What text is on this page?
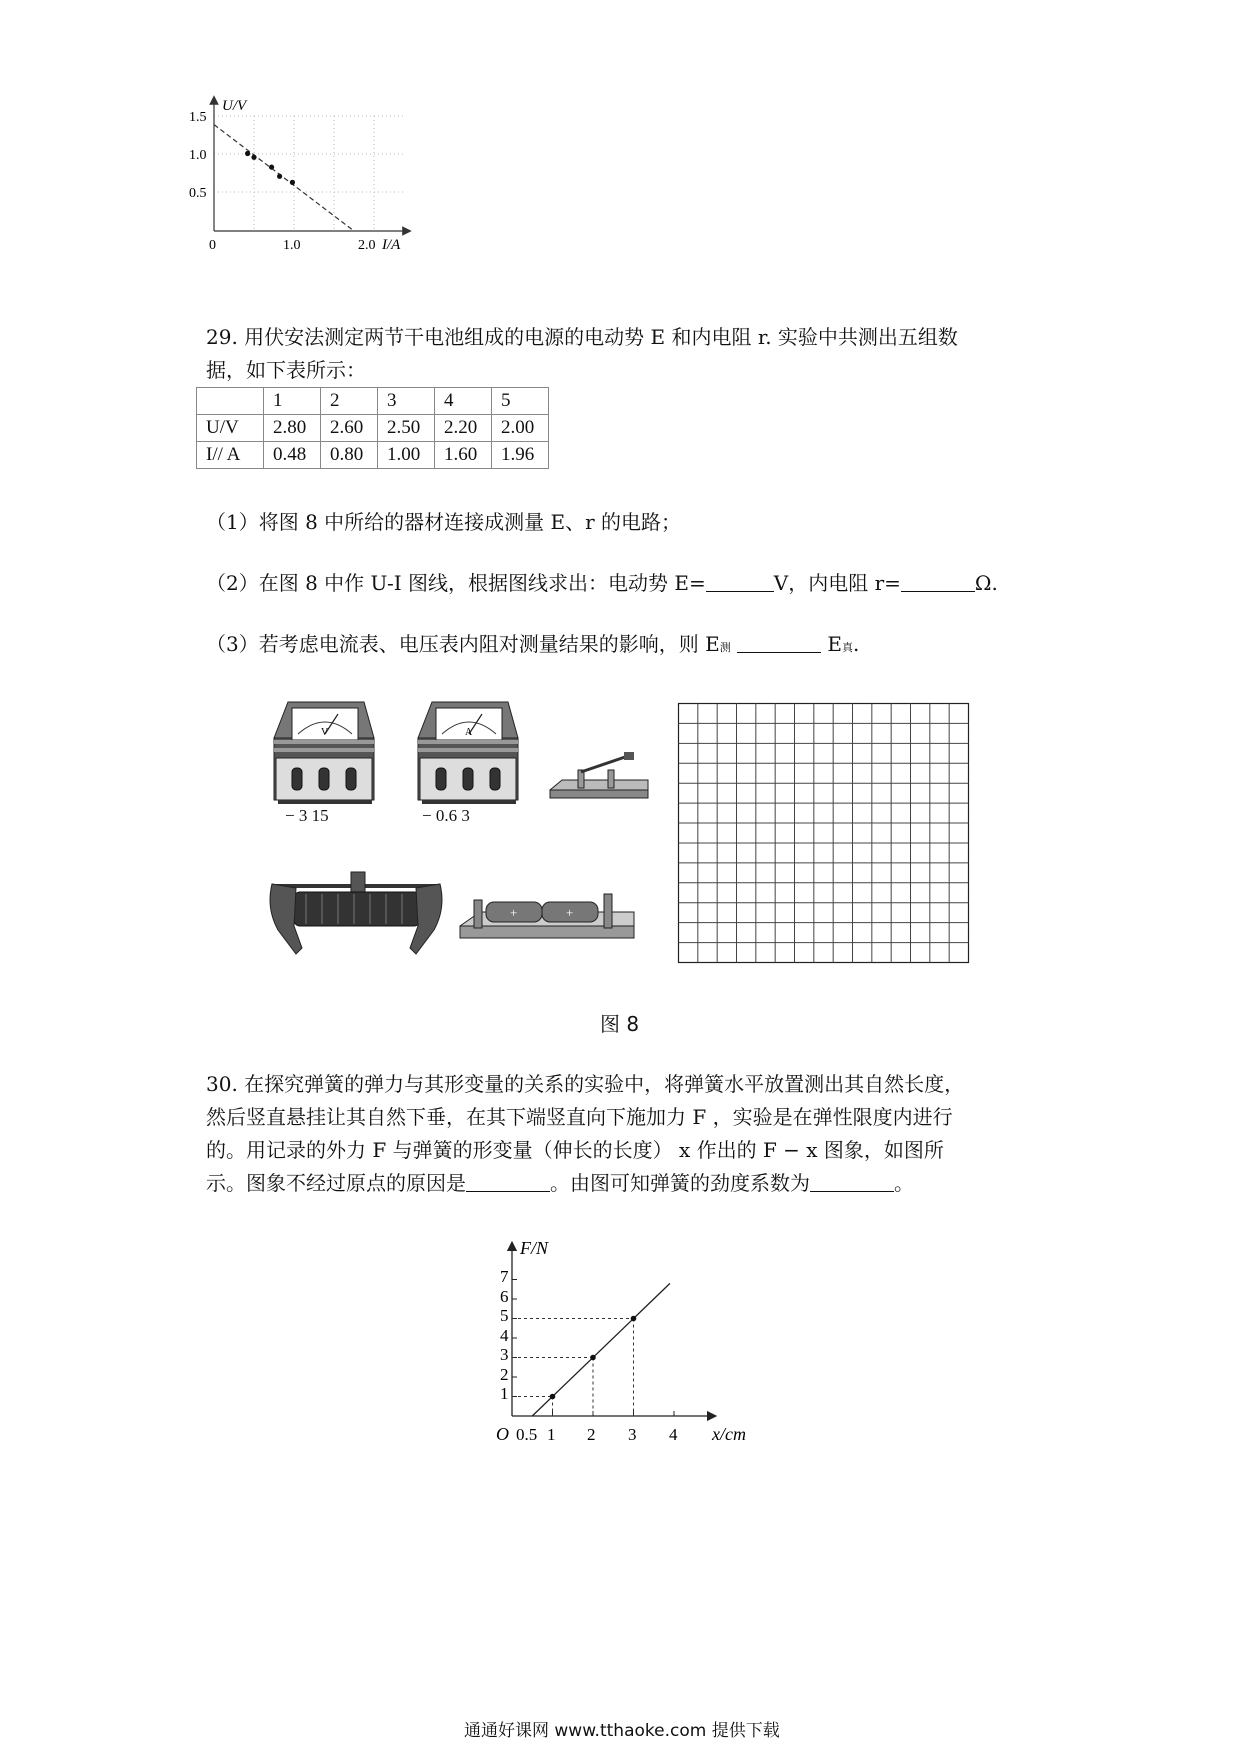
U/V
I/A
1.5
1.0
0.5
0	1.0	2.0
29. 用伏安法测定两节干电池组成的电源的电动势 E 和内电阻 r. 实验中共测出五组数
据，如下表所示：
	1	2	3	4	5
U/V	2.80	2.60	2.50	2.20	2.00
I// A	0.48	0.80	1.00	1.60	1.96
（1）将图 8 中所给的器材连接成测量 E、r 的电路；
（2）在图 8 中作 U-I 图线，根据图线求出：电动势 E=	V，内电阻 r=	Ω.
（3）若考虑电流表、电压表内阻对测量结果的影响，则 E测	E真.
V
− 3 15
A
− 0.6 3
+	+
图 8
30. 在探究弹簧的弹力与其形变量的关系的实验中，将弹簧水平放置测出其自然长度，
然后竖直悬挂让其自然下垂，在其下端竖直向下施加力 F ，实验是在弹性限度内进行
的。用记录的外力 F 与弹簧的形变量（伸长的长度） x 作出的 F − x 图象，如图所
示。图象不经过原点的原因是	。由图可知弹簧的劲度系数为	。
F/N
x/cm
O
1
2
3
4
5
6
7
0.5 1 2 3 4
通通好课网 www.tthaoke.com 提供下载
